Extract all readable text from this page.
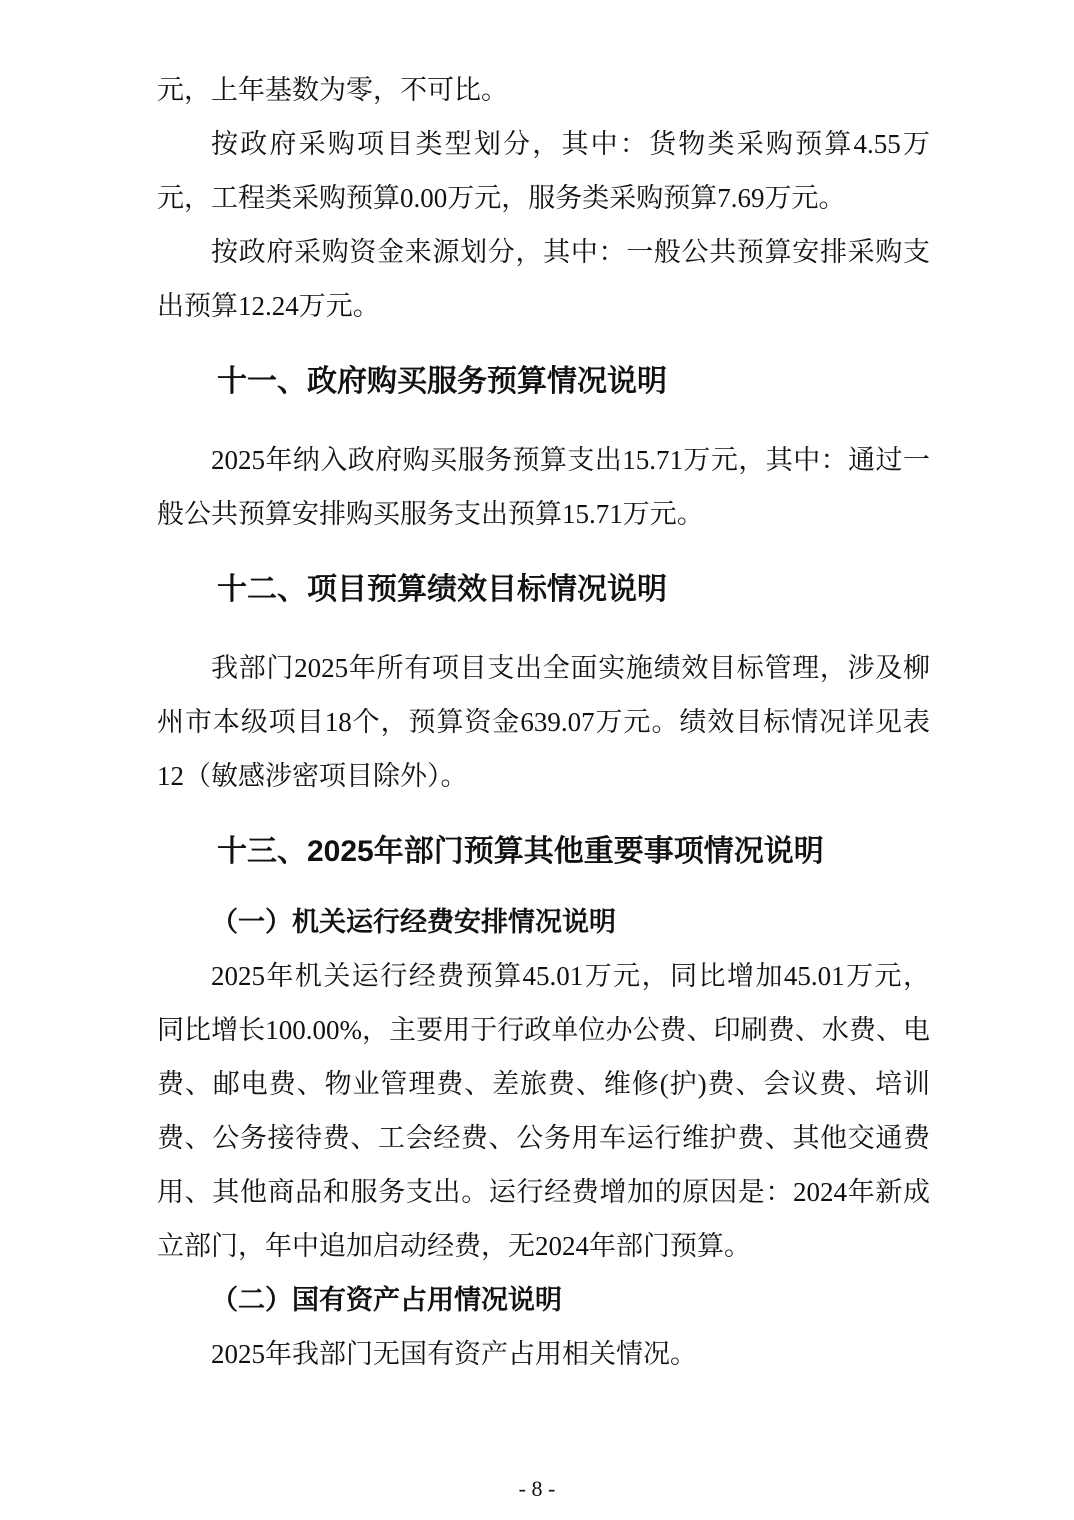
元，上年基数为零，不可比。
按政府采购项目类型划分，其中：货物类采购预算4.55万
元，工程类采购预算0.00万元，服务类采购预算7.69万元。
按政府采购资金来源划分，其中：一般公共预算安排采购支
出预算12.24万元。
十一、政府购买服务预算情况说明
2025年纳入政府购买服务预算支出15.71万元，其中：通过一
般公共预算安排购买服务支出预算15.71万元。
十二、项目预算绩效目标情况说明
我部门2025年所有项目支出全面实施绩效目标管理，涉及柳
州市本级项目18个，预算资金639.07万元。绩效目标情况详见表
12（敏感涉密项目除外）。
十三、2025年部门预算其他重要事项情况说明
（一）机关运行经费安排情况说明
2025年机关运行经费预算45.01万元，同比增加45.01万元，
同比增长100.00%，主要用于行政单位办公费、印刷费、水费、电
费、邮电费、物业管理费、差旅费、维修(护)费、会议费、培训
费、公务接待费、工会经费、公务用车运行维护费、其他交通费
用、其他商品和服务支出。运行经费增加的原因是：2024年新成
立部门，年中追加启动经费，无2024年部门预算。
（二）国有资产占用情况说明
2025年我部门无国有资产占用相关情况。
- 8 -
